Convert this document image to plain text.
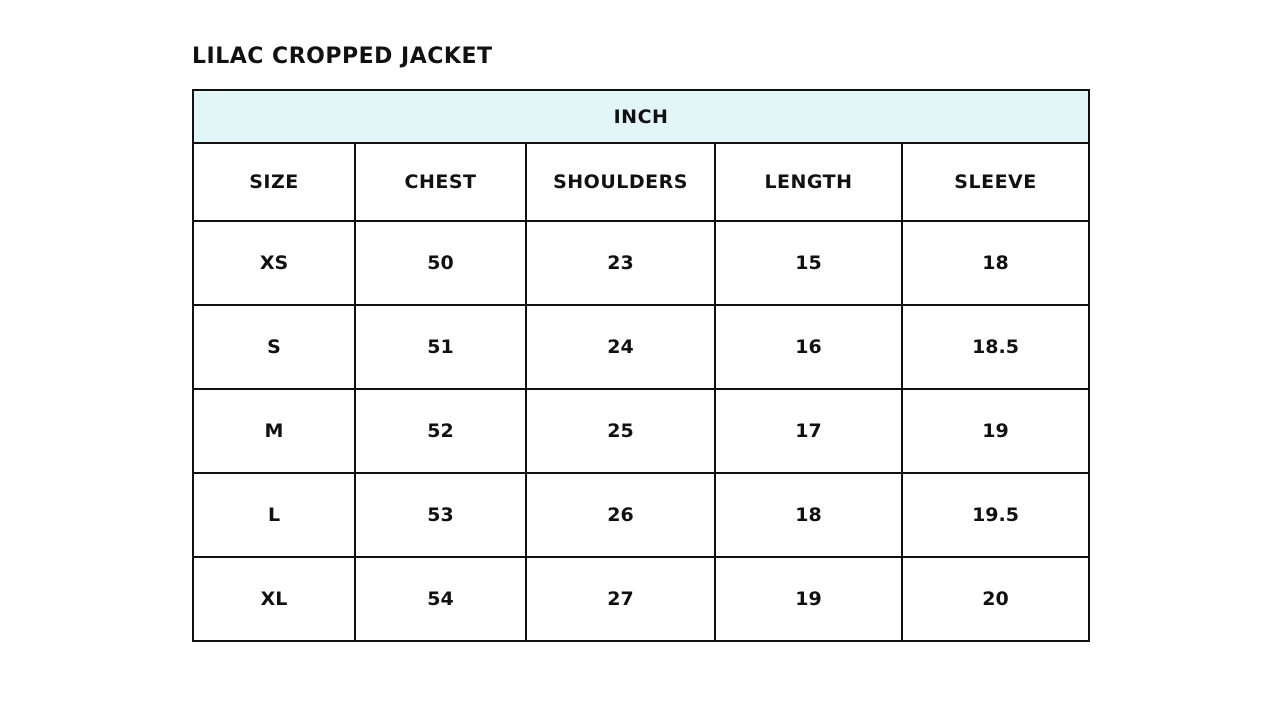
LILAC CROPPED JACKET
INCH				
SIZE	CHEST	SHOULDERS	LENGTH	SLEEVE
XS	50	23	15	18
S	51	24	16	18.5
M	52	25	17	19
L	53	26	18	19.5
XL	54	27	19	20
